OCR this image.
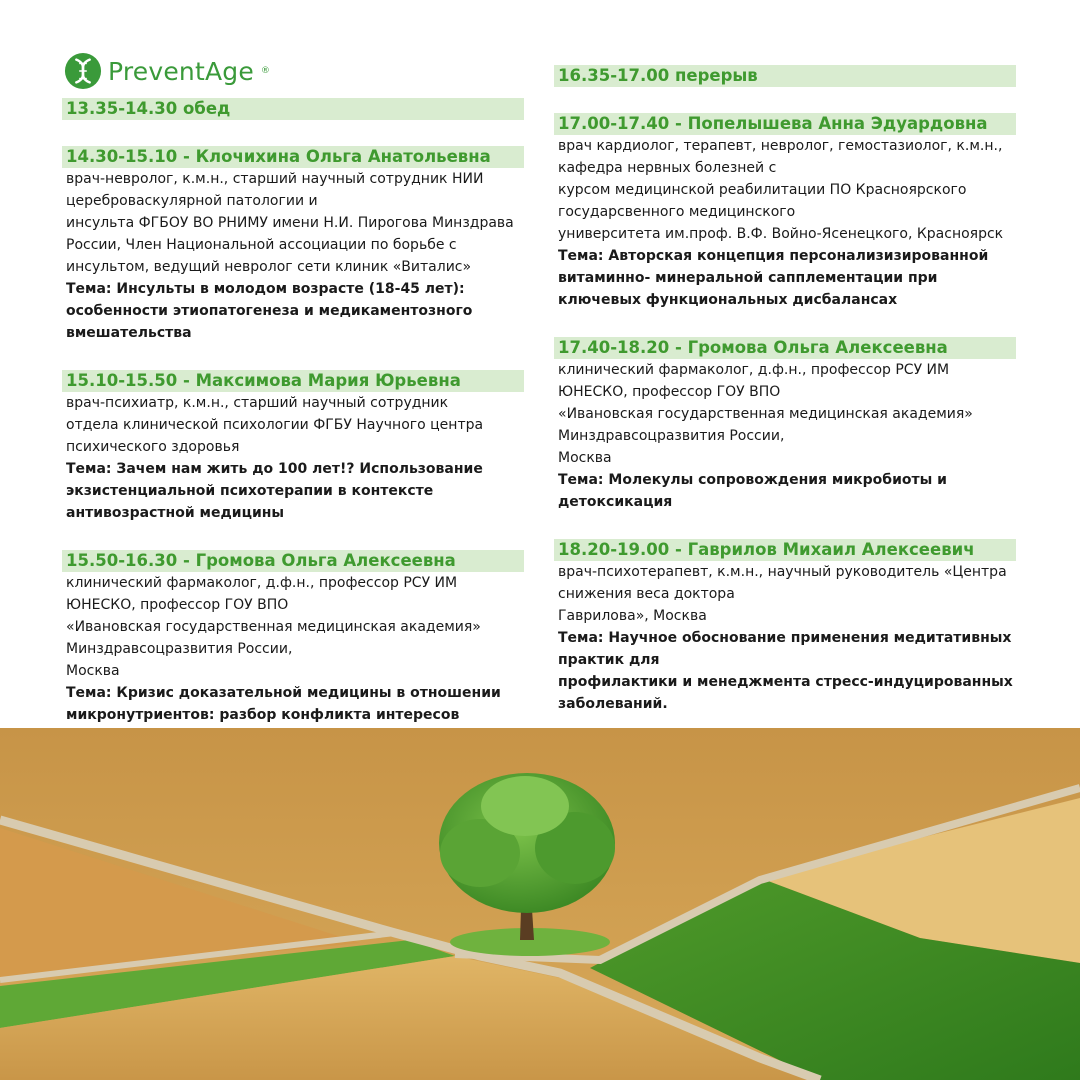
PreventAge ®
13.35-14.30 обед
14.30-15.10 - Клочихина Ольга Анатольевна
врач-невролог, к.м.н., старший научный сотрудник НИИ
цереброваскулярной патологии и
инсульта ФГБОУ ВО РНИМУ имени Н.И. Пирогова Минздрава
России, Член Национальной ассоциации по борьбе с
инсультом, ведущий невролог сети клиник «Виталис»
Тема: Инсульты в молодом возрасте (18-45 лет): особенности этиопатогенеза и медикаментозного вмешательства
15.10-15.50 - Максимова Мария Юрьевна
врач-психиатр, к.м.н., старший научный сотрудник
отдела клинической психологии ФГБУ Научного центра
психического здоровья
Тема: Зачем нам жить до 100 лет!? Использование экзистенциальной психотерапии в контексте антивозрастной медицины
15.50-16.30 - Громова Ольга Алексеевна
клинический фармаколог, д.ф.н., профессор РСУ ИМ
ЮНЕСКО, профессор ГОУ ВПО
«Ивановская государственная медицинская академия»
Минздравсоцразвития России,
Москва
Тема: Кризис доказательной медицины в отношении микронутриентов: разбор конфликта интересов
16.35-17.00 перерыв
17.00-17.40 - Попелышева Анна Эдуардовна
врач кардиолог, терапевт, невролог, гемостазиолог, к.м.н.,
кафедра нервных болезней с
курсом медицинской реабилитации ПО Красноярского
государсвенного медицинского
университета им.проф. В.Ф. Войно-Ясенецкого, Красноярск
Тема: Авторская концепция персонализизированной витаминно- минеральной сапплементации при ключевых функциональных дисбалансах
17.40-18.20 - Громова Ольга Алексеевна
клинический фармаколог, д.ф.н., профессор РСУ ИМ
ЮНЕСКО, профессор ГОУ ВПО
«Ивановская государственная медицинская академия»
Минздравсоцразвития России,
Москва
Тема: Молекулы сопровождения микробиоты и детоксикация
18.20-19.00 - Гаврилов Михаил Алексеевич
врач-психотерапевт, к.м.н., научный руководитель «Центра
снижения веса доктора
Гаврилова», Москва
Тема: Научное обоснование применения медитативных
практик для
профилактики и менеджмента стресс-индуцированных
заболеваний.
